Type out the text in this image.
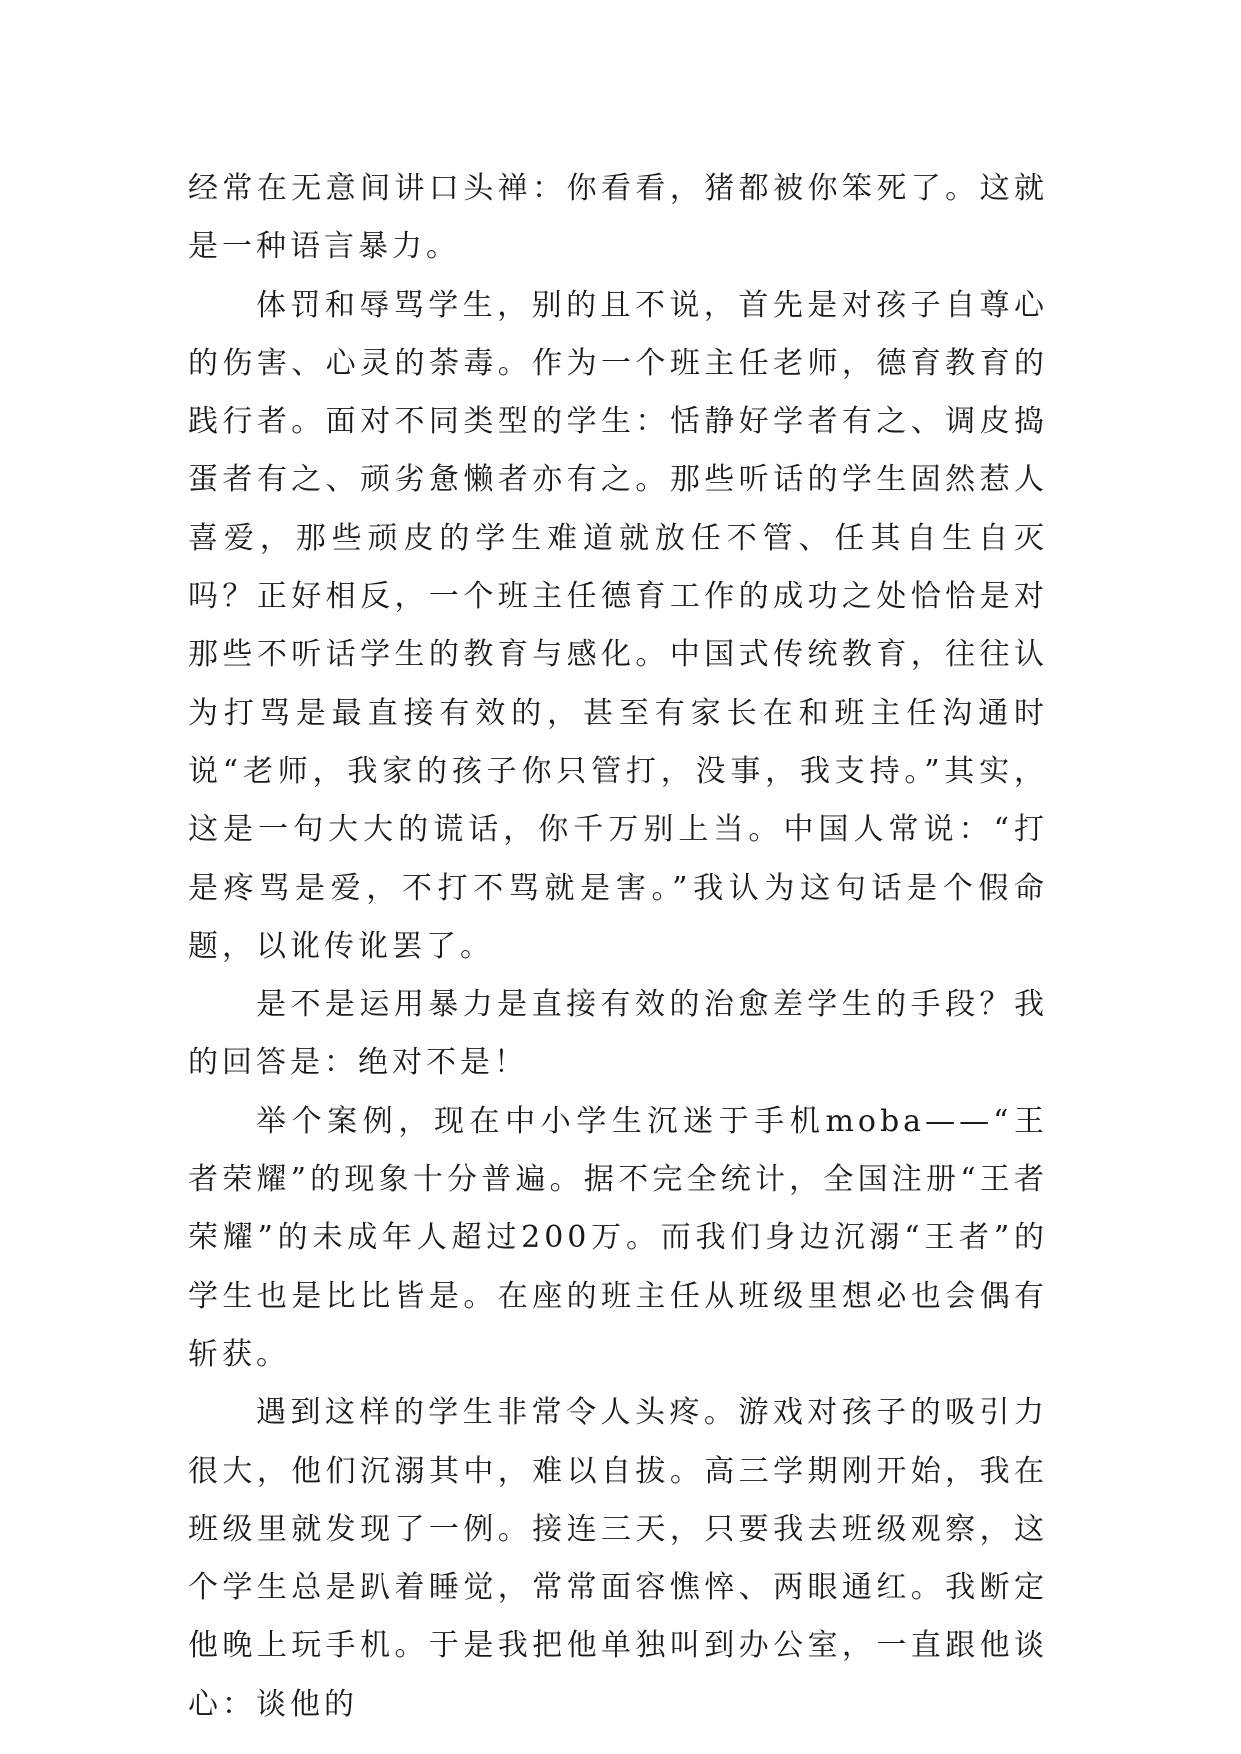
经常在无意间讲口头禅：你看看，猪都被你笨死了。这就是一种语言暴力。

体罚和辱骂学生，别的且不说，首先是对孩子自尊心的伤害、心灵的荼毒。作为一个班主任老师，德育教育的践行者。面对不同类型的学生：恬静好学者有之、调皮捣蛋者有之、顽劣惫懒者亦有之。那些听话的学生固然惹人喜爱，那些顽皮的学生难道就放任不管、任其自生自灭吗？正好相反，一个班主任德育工作的成功之处恰恰是对那些不听话学生的教育与感化。中国式传统教育，往往认为打骂是最直接有效的，甚至有家长在和班主任沟通时说“老师，我家的孩子你只管打，没事，我支持。”其实，这是一句大大的谎话，你千万别上当。中国人常说：“打是疼骂是爱，不打不骂就是害。”我认为这句话是个假命题，以讹传讹罢了。

是不是运用暴力是直接有效的治愈差学生的手段？我的回答是：绝对不是！

举个案例，现在中小学生沉迷于手机moba——“王者荣耀”的现象十分普遍。据不完全统计，全国注册“王者荣耀”的未成年人超过200万。而我们身边沉溺“王者”的学生也是比比皆是。在座的班主任从班级里想必也会偶有斩获。

遇到这样的学生非常令人头疼。游戏对孩子的吸引力很大，他们沉溺其中，难以自拔。高三学期刚开始，我在班级里就发现了一例。接连三天，只要我去班级观察，这个学生总是趴着睡觉，常常面容憔悴、两眼通红。我断定他晚上玩手机。于是我把他单独叫到办公室，一直跟他谈心：谈他的
